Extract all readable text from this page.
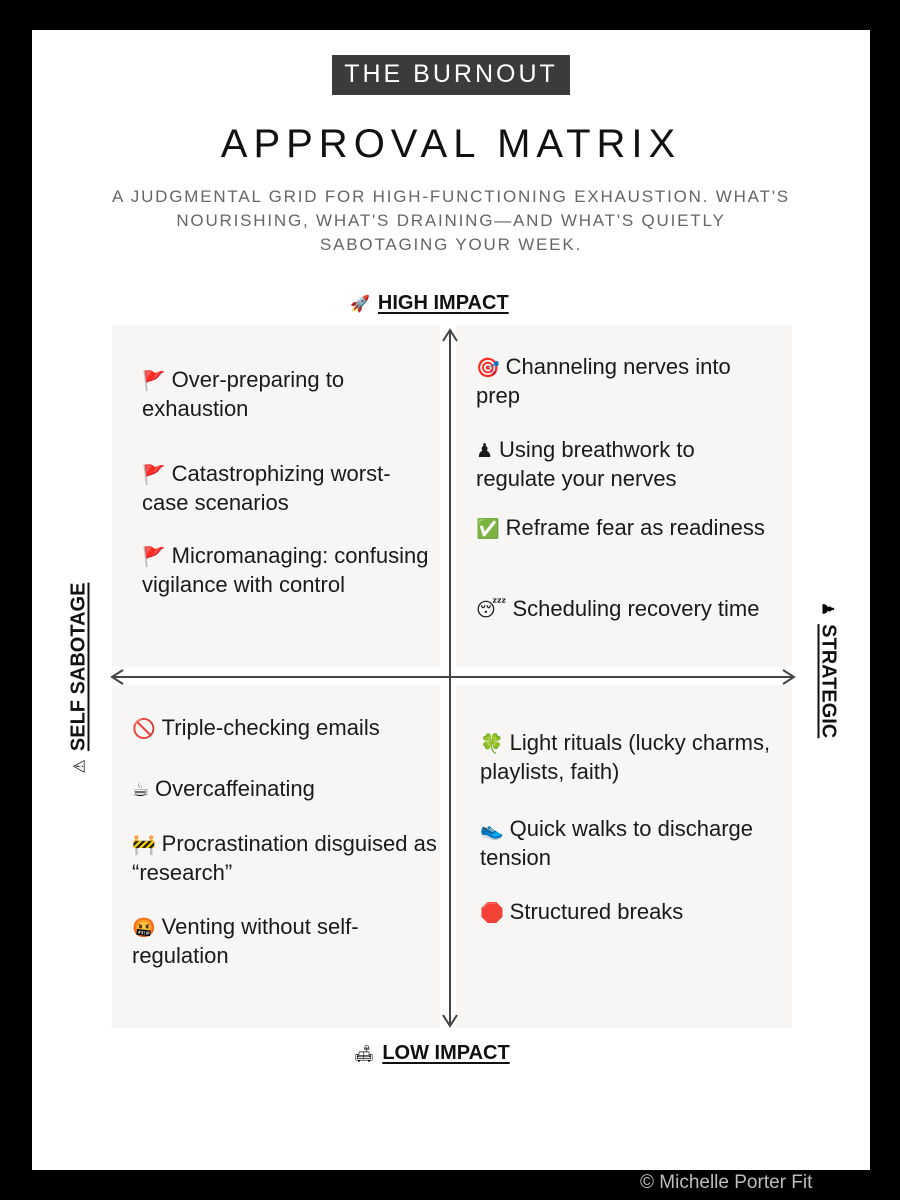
THE BURNOUT
APPROVAL MATRIX
A JUDGMENTAL GRID FOR HIGH-FUNCTIONING EXHAUSTION. WHAT'S NOURISHING, WHAT'S DRAINING—AND WHAT'S QUIETLY SABOTAGING YOUR WEEK.
🚀 HIGH IMPACT
🛋 LOW IMPACT
⚠
SELF SABOTAGE	♟
STRATEGIC
🚩 Over-preparing to exhaustion
🚩 Catastrophizing worst-case scenarios
🚩 Micromanaging: confusing vigilance with control
🎯 Channeling nerves into prep
♟ Using breathwork to regulate your nerves
✅ Reframe fear as readiness
😴 Scheduling recovery time
🚫 Triple-checking emails
☕ Overcaffeinating
🚧 Procrastination disguised as “research”
🤬 Venting without self-regulation
🍀 Light rituals (lucky charms, playlists, faith)
👟 Quick walks to discharge tension
🛑 Structured breaks
© Michelle Porter Fit
